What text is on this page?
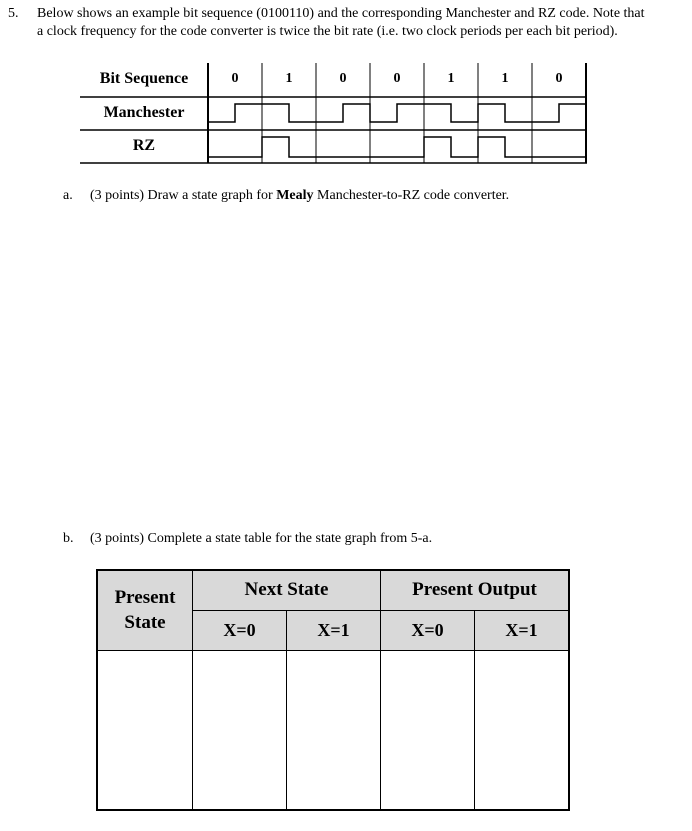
5. Below shows an example bit sequence (0100110) and the corresponding Manchester and RZ code. Note that
a clock frequency for the code converter is twice the bit rate (i.e. two clock periods per each bit period).
Bit Sequence
Manchester
RZ
0	1	0	0	1	1	0
a. (3 points) Draw a state graph for Mealy Manchester-to-RZ code converter.
b. (3 points) Complete a state table for the state graph from 5-a.
Present
State	Next State		Present Output	
	X=0	X=1	X=0	X=1
